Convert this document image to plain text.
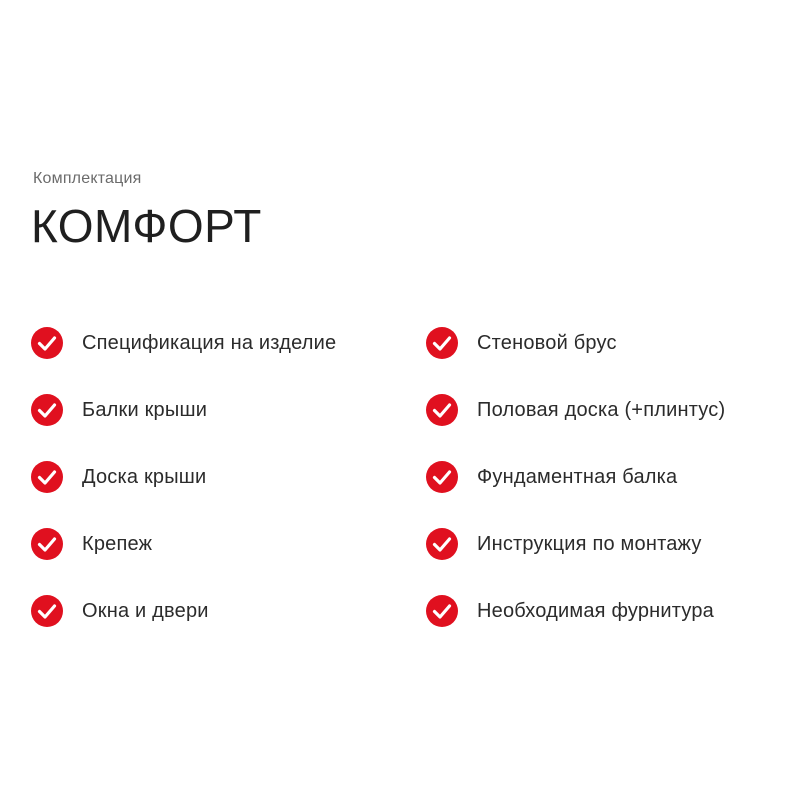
Комплектация
КОМФОРТ
Спецификация на изделие
Балки крыши
Доска крыши
Крепеж
Окна и двери
Стеновой брус
Половая доска (+плинтус)
Фундаментная балка
Инструкция по монтажу
Необходимая фурнитура
